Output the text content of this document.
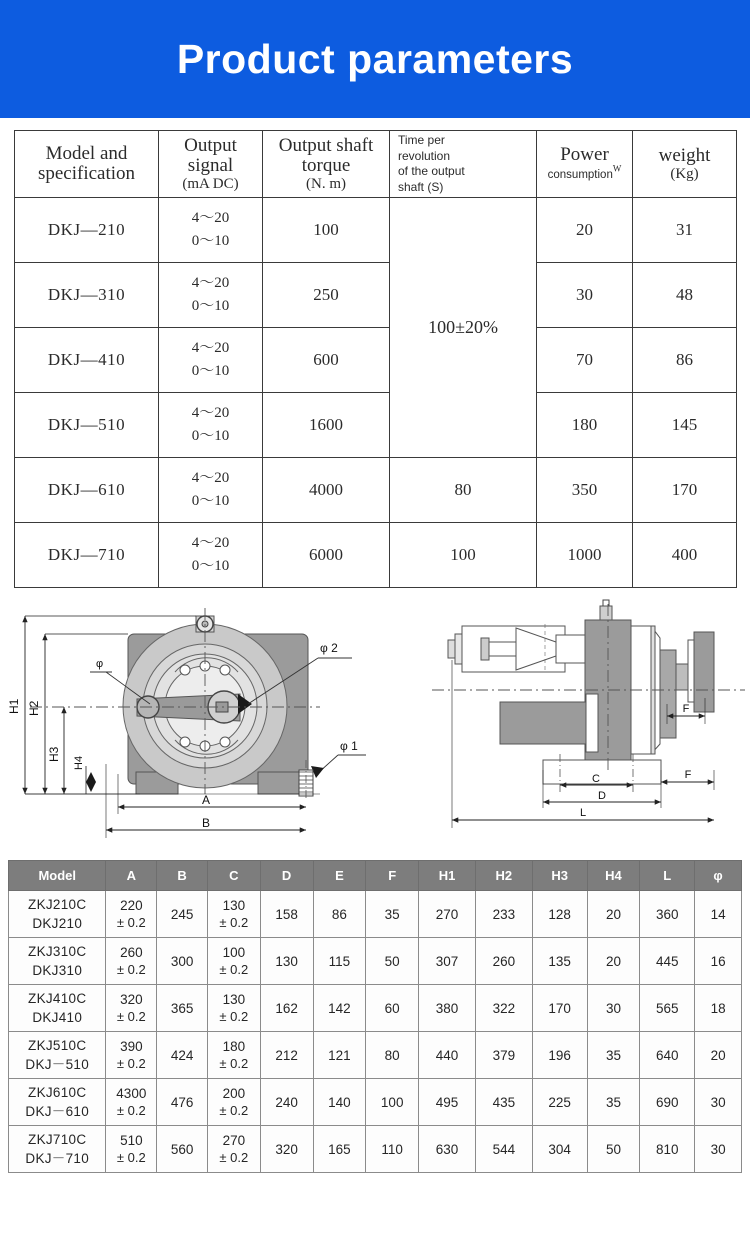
Product parameters
Model and
specification	Output
signal
(mA DC)	Output shaft
torque
(N. m)	Time per
revolution
of the output
shaft (S)	Power
consumption$^W$	weight
(Kg)

DKJ—210	4～20
0～10	100	100±20%	20	31
DKJ—310	4～20
0～10	250		30	48
DKJ—410	4～20
0～10	600		70	86
DKJ—510	4～20
0～10	1600		180	145
DKJ—610	4～20
0～10	4000	80	350	170
DKJ—710	4～20
0～10	6000	100	1000	400
φ
φ 2
φ 1
H1 H2
H3
H4
A
B
F
C
D
F
L
Model	A	B	C	D	E	F	H1	H2	H3	H4	L	φ
ZKJ210C
DKJ210	220
± 0.2	245	130
± 0.2	158	86	35	270	233	128	20	360	14
ZKJ310C
DKJ310	260
± 0.2	300	100
± 0.2	130	115	50	307	260	135	20	445	16
ZKJ410C
DKJ410	320
± 0.2	365	130
± 0.2	162	142	60	380	322	170	30	565	18
ZKJ510C
DKJ－510	390
± 0.2	424	180
± 0.2	212	121	80	440	379	196	35	640	20
ZKJ610C
DKJ－610	4300
± 0.2	476	200
± 0.2	240	140	100	495	435	225	35	690	30
ZKJ710C
DKJ－710	510
± 0.2	560	270
± 0.2	320	165	110	630	544	304	50	810	30
